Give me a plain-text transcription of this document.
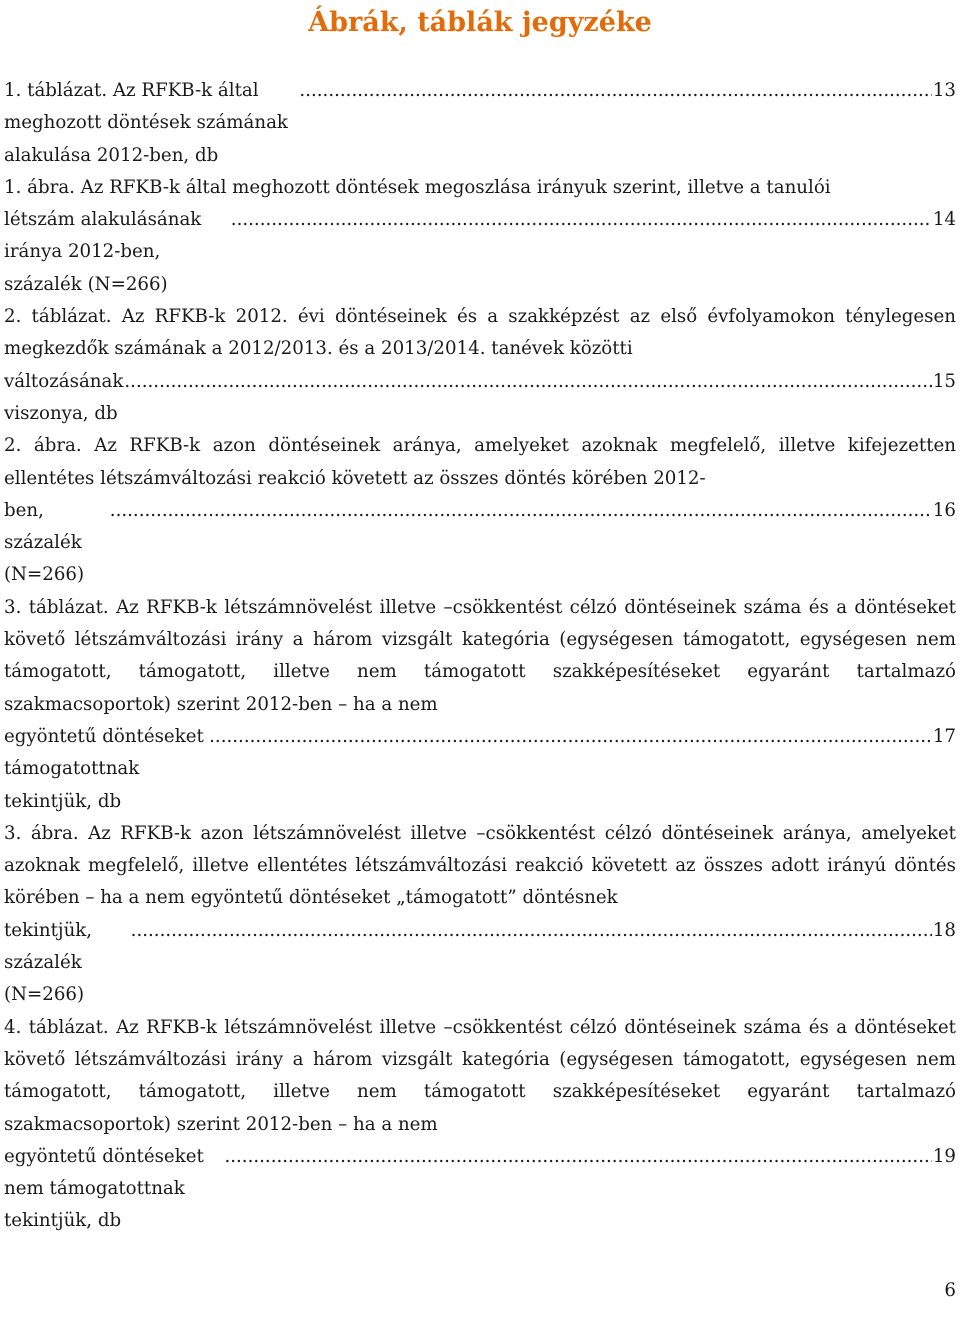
Ábrák, táblák jegyzéke
1. táblázat. Az RFKB-k által meghozott döntések számának alakulása 2012-ben, db
.....
13
1. ábra. Az RFKB-k által meghozott döntések megoszlása irányuk szerint, illetve a tanulói
létszám alakulásának iránya 2012-ben, százalék (N=266)
.....
14
2. táblázat. Az RFKB-k 2012. évi döntéseinek és a szakképzést az első évfolyamokon ténylegesen megkezdők számának a 2012/2013. és a 2013/2014. tanévek közötti
változásának viszonya, db
.....
15
2. ábra. Az RFKB-k azon döntéseinek aránya, amelyeket azoknak megfelelő, illetve kifejezetten ellentétes létszámváltozási reakció követett az összes döntés körében 2012-
ben, százalék (N=266)
.....
16
3. táblázat. Az RFKB-k létszámnövelést illetve –csökkentést célzó döntéseinek száma és a döntéseket követő létszámváltozási irány a három vizsgált kategória (egységesen támogatott, egységesen nem támogatott, támogatott, illetve nem támogatott szakképesítéseket egyaránt tartalmazó szakmacsoportok) szerint 2012-ben – ha a nem
egyöntetű döntéseket támogatottnak tekintjük, db
.....
17
3. ábra. Az RFKB-k azon létszámnövelést illetve –csökkentést célzó döntéseinek aránya, amelyeket azoknak megfelelő, illetve ellentétes létszámváltozási reakció követett az összes adott irányú döntés körében – ha a nem egyöntetű döntéseket „támogatott” döntésnek
tekintjük, százalék (N=266)
.....
18
4. táblázat. Az RFKB-k létszámnövelést illetve –csökkentést célzó döntéseinek száma és a döntéseket követő létszámváltozási irány a három vizsgált kategória (egységesen támogatott, egységesen nem támogatott, támogatott, illetve nem támogatott szakképesítéseket egyaránt tartalmazó szakmacsoportok) szerint 2012-ben – ha a nem
egyöntetű döntéseket nem támogatottnak tekintjük, db
.....
19
6
